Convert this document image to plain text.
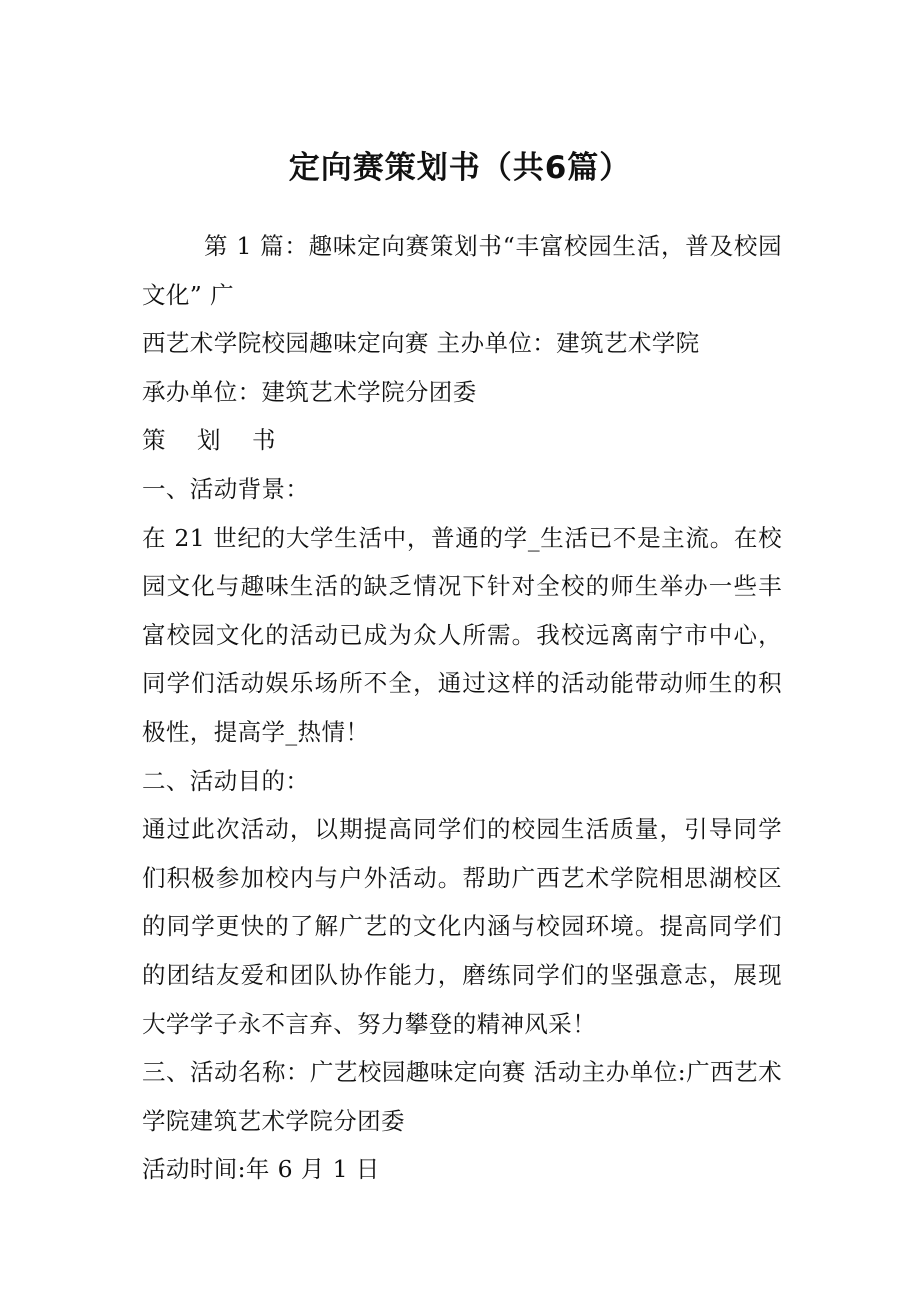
定向赛策划书（共6篇）

第 1 篇：趣味定向赛策划书“丰富校园生活，普及校园文化” 广

西艺术学院校园趣味定向赛 主办单位：建筑艺术学院

承办单位：建筑艺术学院分团委

策 划 书

一、活动背景：

在 21 世纪的大学生活中，普通的学_生活已不是主流。在校园文化与趣味生活的缺乏情况下针对全校的师生举办一些丰富校园文化的活动已成为众人所需。我校远离南宁市中心，同学们活动娱乐场所不全，通过这样的活动能带动师生的积极性，提高学_热情！

二、活动目的：

通过此次活动，以期提高同学们的校园生活质量，引导同学们积极参加校内与户外活动。帮助广西艺术学院相思湖校区的同学更快的了解广艺的文化内涵与校园环境。提高同学们的团结友爱和团队协作能力，磨练同学们的坚强意志，展现大学学子永不言弃、努力攀登的精神风采！

三、活动名称：广艺校园趣味定向赛 活动主办单位:广西艺术学院建筑艺术学院分团委

活动时间:年 6 月 1 日
